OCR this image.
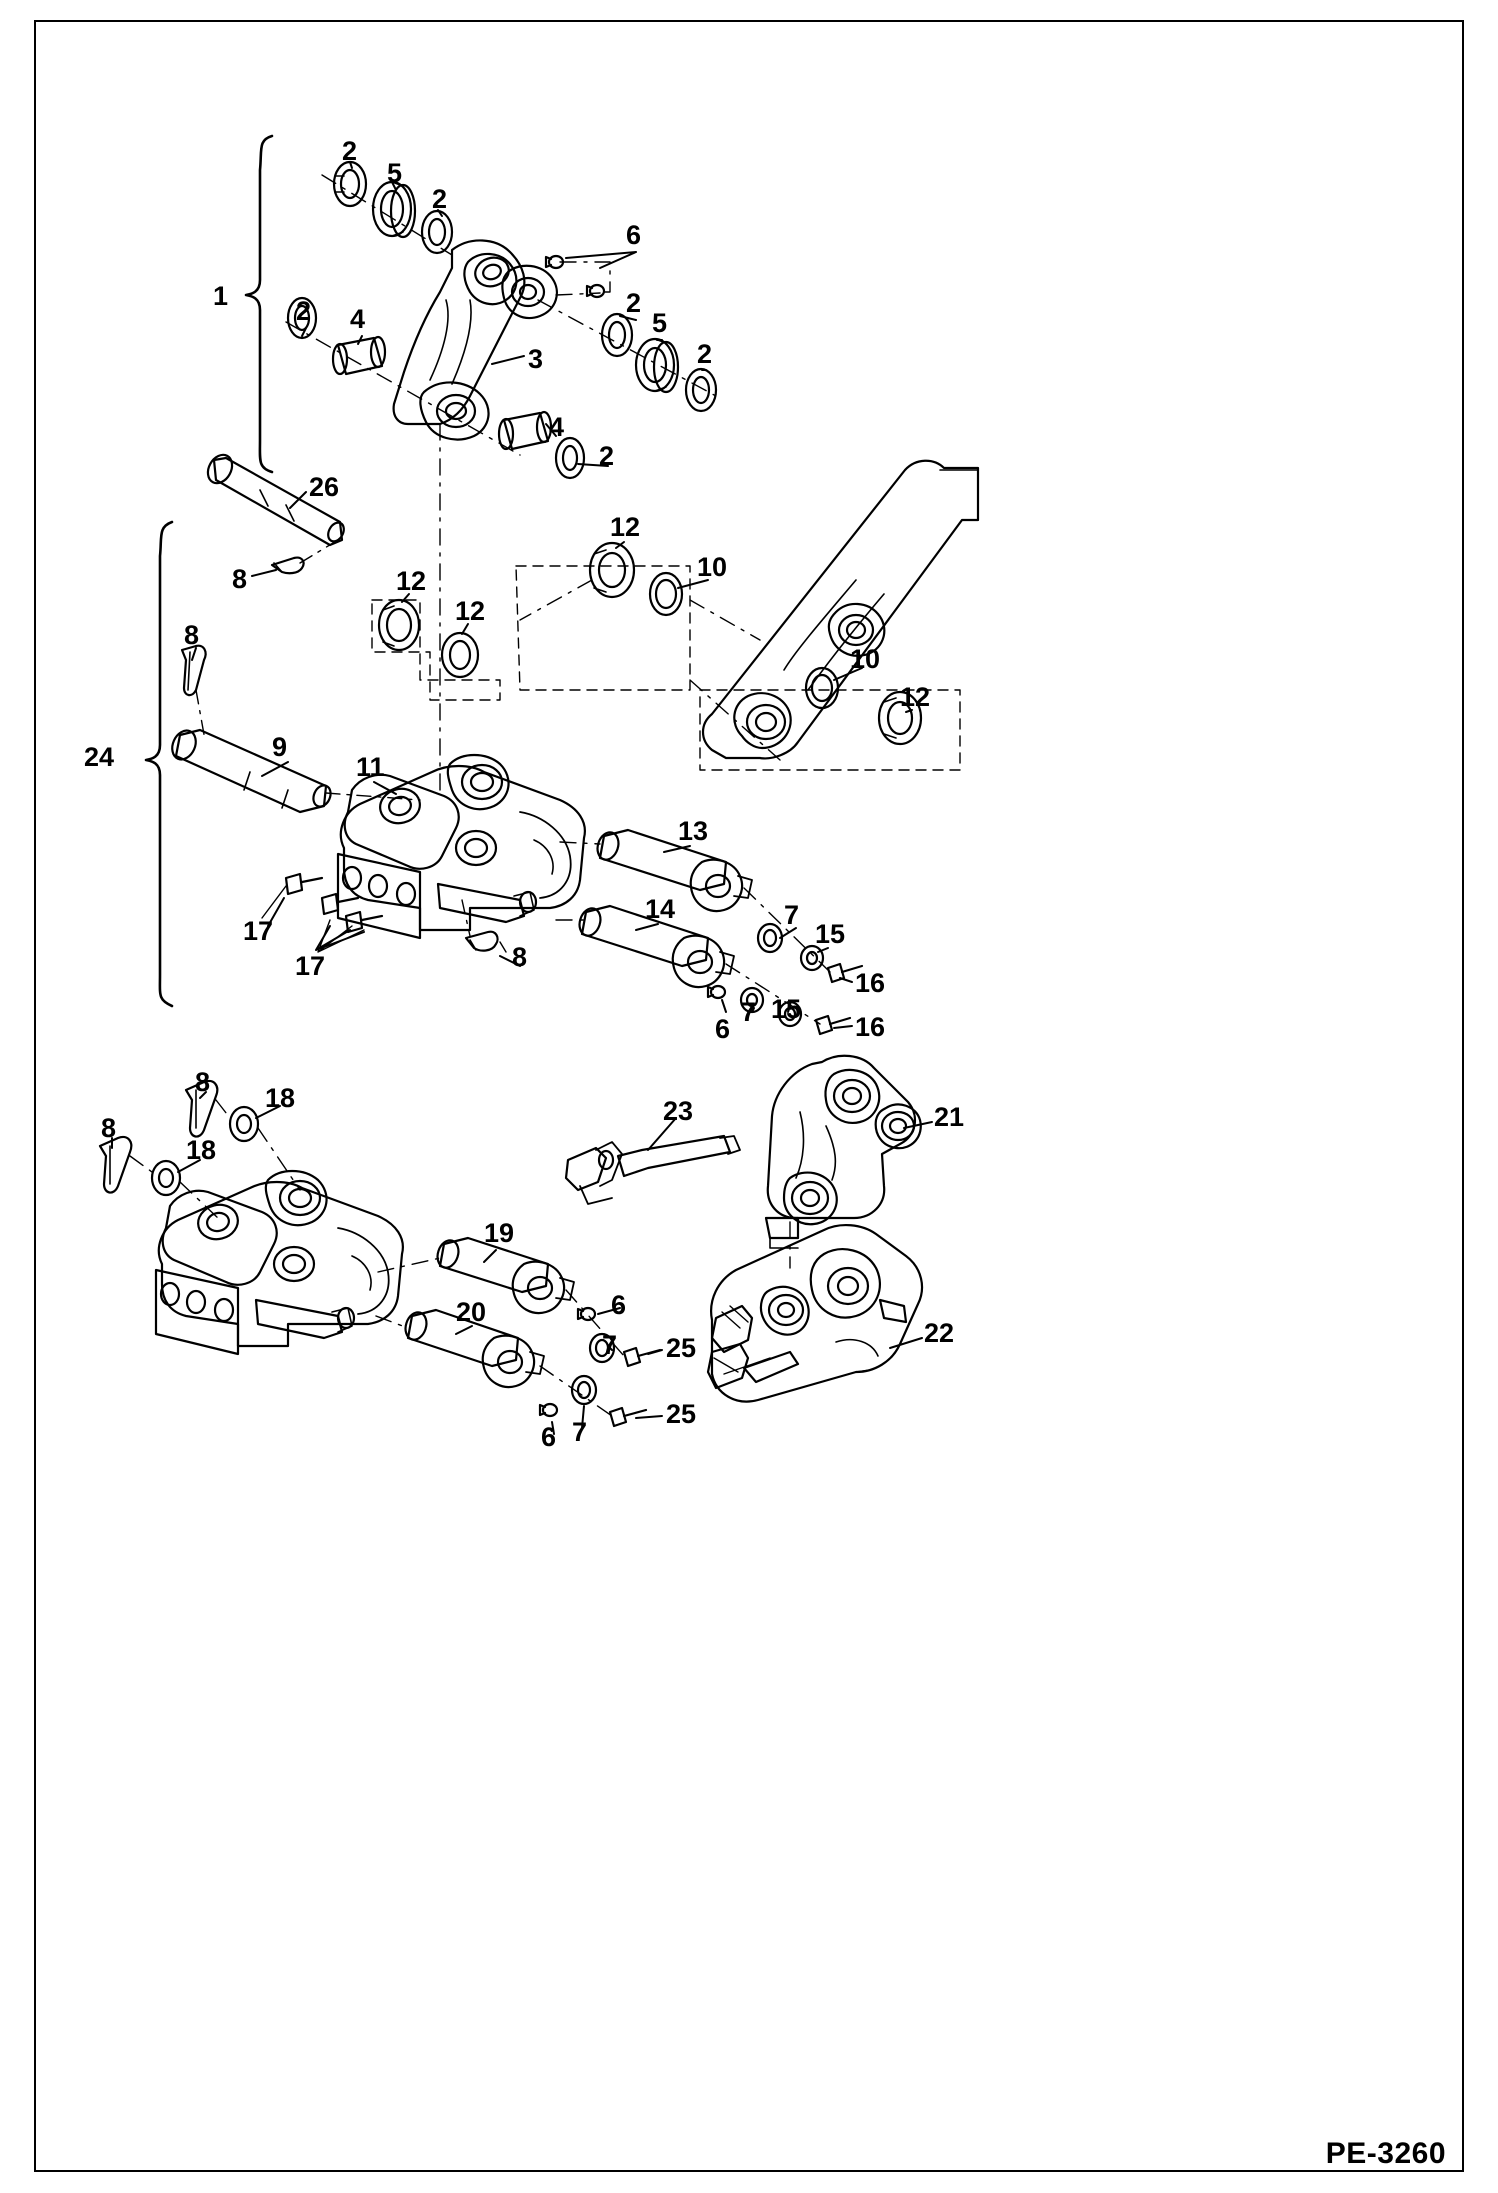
1
2
5
2
6
2 4
2
5
2
3
4
2
26
8
12
10
12
12
8
10
12
24	9
11
13
14
17
7
15
17	8
16
6
7 15
16
8
18	23	21
8
18
19
20	6
7	22
25
25
6 7
PE-3260
